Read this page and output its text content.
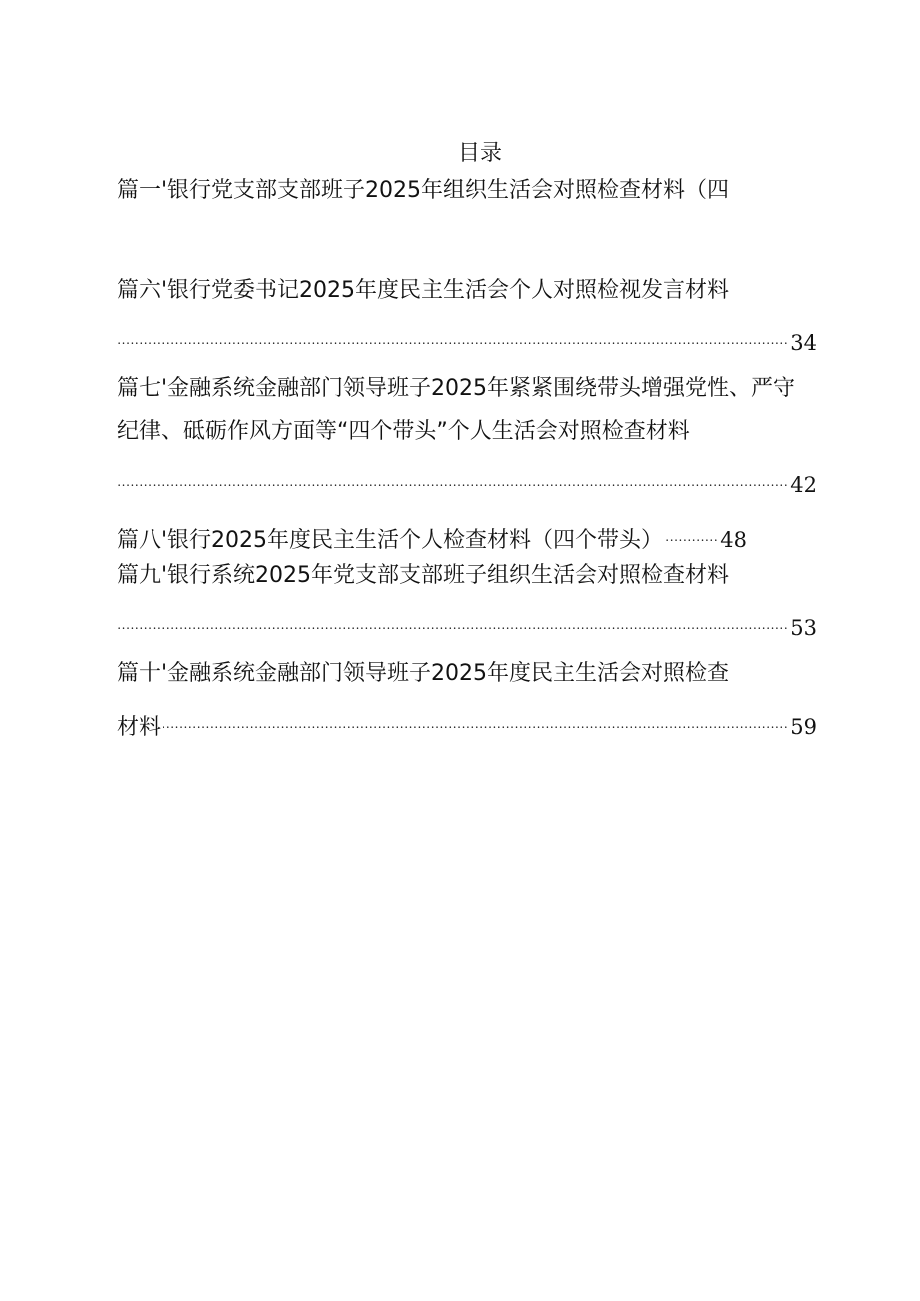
目录
篇一'银行党支部支部班子2025年组织生活会对照检查材料（四
篇六'银行党委书记2025年度民主生活会个人对照检视发言材料
.....
34
篇七'金融系统金融部门领导班子2025年紧紧围绕带头增强党性、严守
纪律、砥砺作风方面等“四个带头”个人生活会对照检查材料
.....
42
篇八'银行2025年度民主生活个人检查材料（四个带头） .....	48
篇九'银行系统2025年党支部支部班子组织生活会对照检查材料
.....
53
篇十'金融系统金融部门领导班子2025年度民主生活会对照检查
材料 .....	59
